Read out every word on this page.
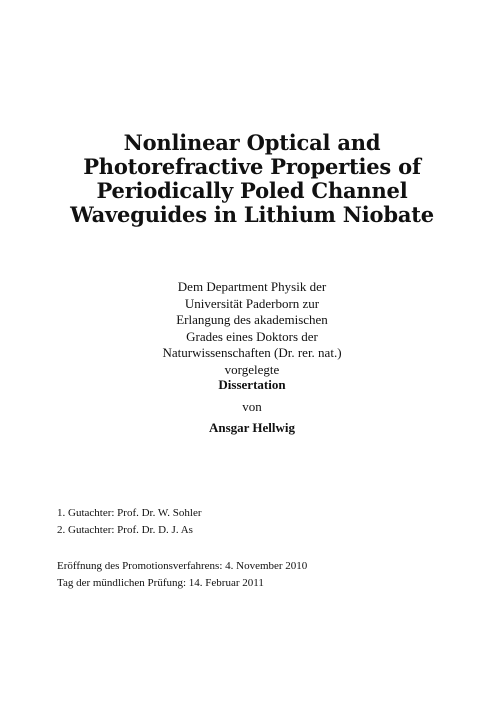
Nonlinear Optical and
Photorefractive Properties of
Periodically Poled Channel
Waveguides in Lithium Niobate
Dem Department Physik der
Universität Paderborn zur
Erlangung des akademischen
Grades eines Doktors der
Naturwissenschaften (Dr. rer. nat.)
vorgelegte
Dissertation
von
Ansgar Hellwig
1. Gutachter: Prof. Dr. W. Sohler
2. Gutachter: Prof. Dr. D. J. As
Eröffnung des Promotionsverfahrens: 4. November 2010
Tag der mündlichen Prüfung: 14. Februar 2011
